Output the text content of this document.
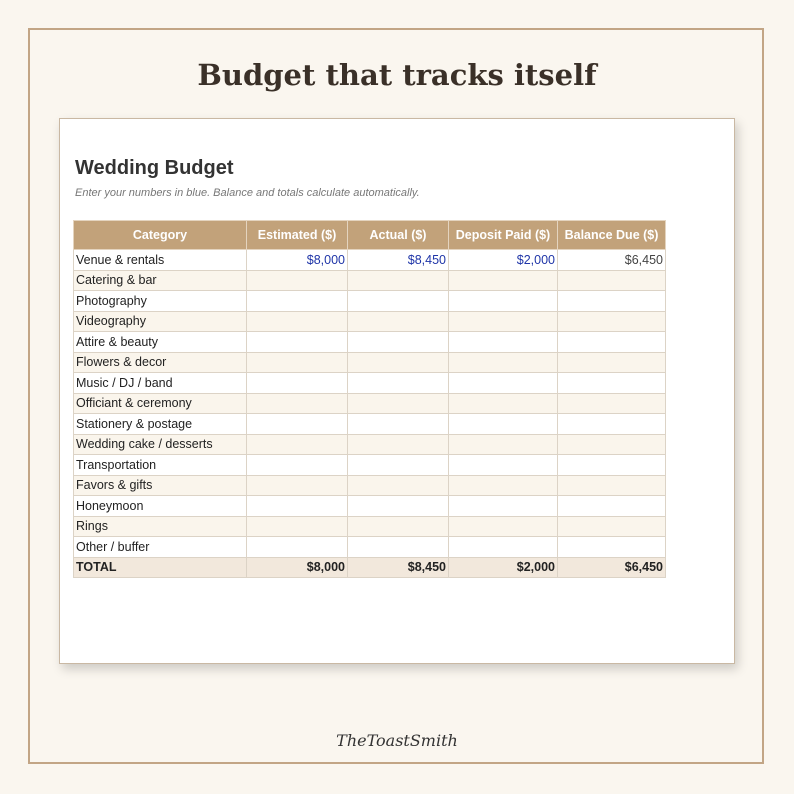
Budget that tracks itself
Wedding Budget
Enter your numbers in blue. Balance and totals calculate automatically.
Category	Estimated ($)	Actual ($)	Deposit Paid ($)	Balance Due ($)
Venue & rentals	$8,000	$8,450	$2,000	$6,450
Catering & bar				
Photography				
Videography				
Attire & beauty				
Flowers & decor				
Music / DJ / band				
Officiant & ceremony				
Stationery & postage				
Wedding cake / desserts				
Transportation				
Favors & gifts				
Honeymoon				
Rings				
Other / buffer				
TOTAL	$8,000	$8,450	$2,000	$6,450
TheToastSmith
